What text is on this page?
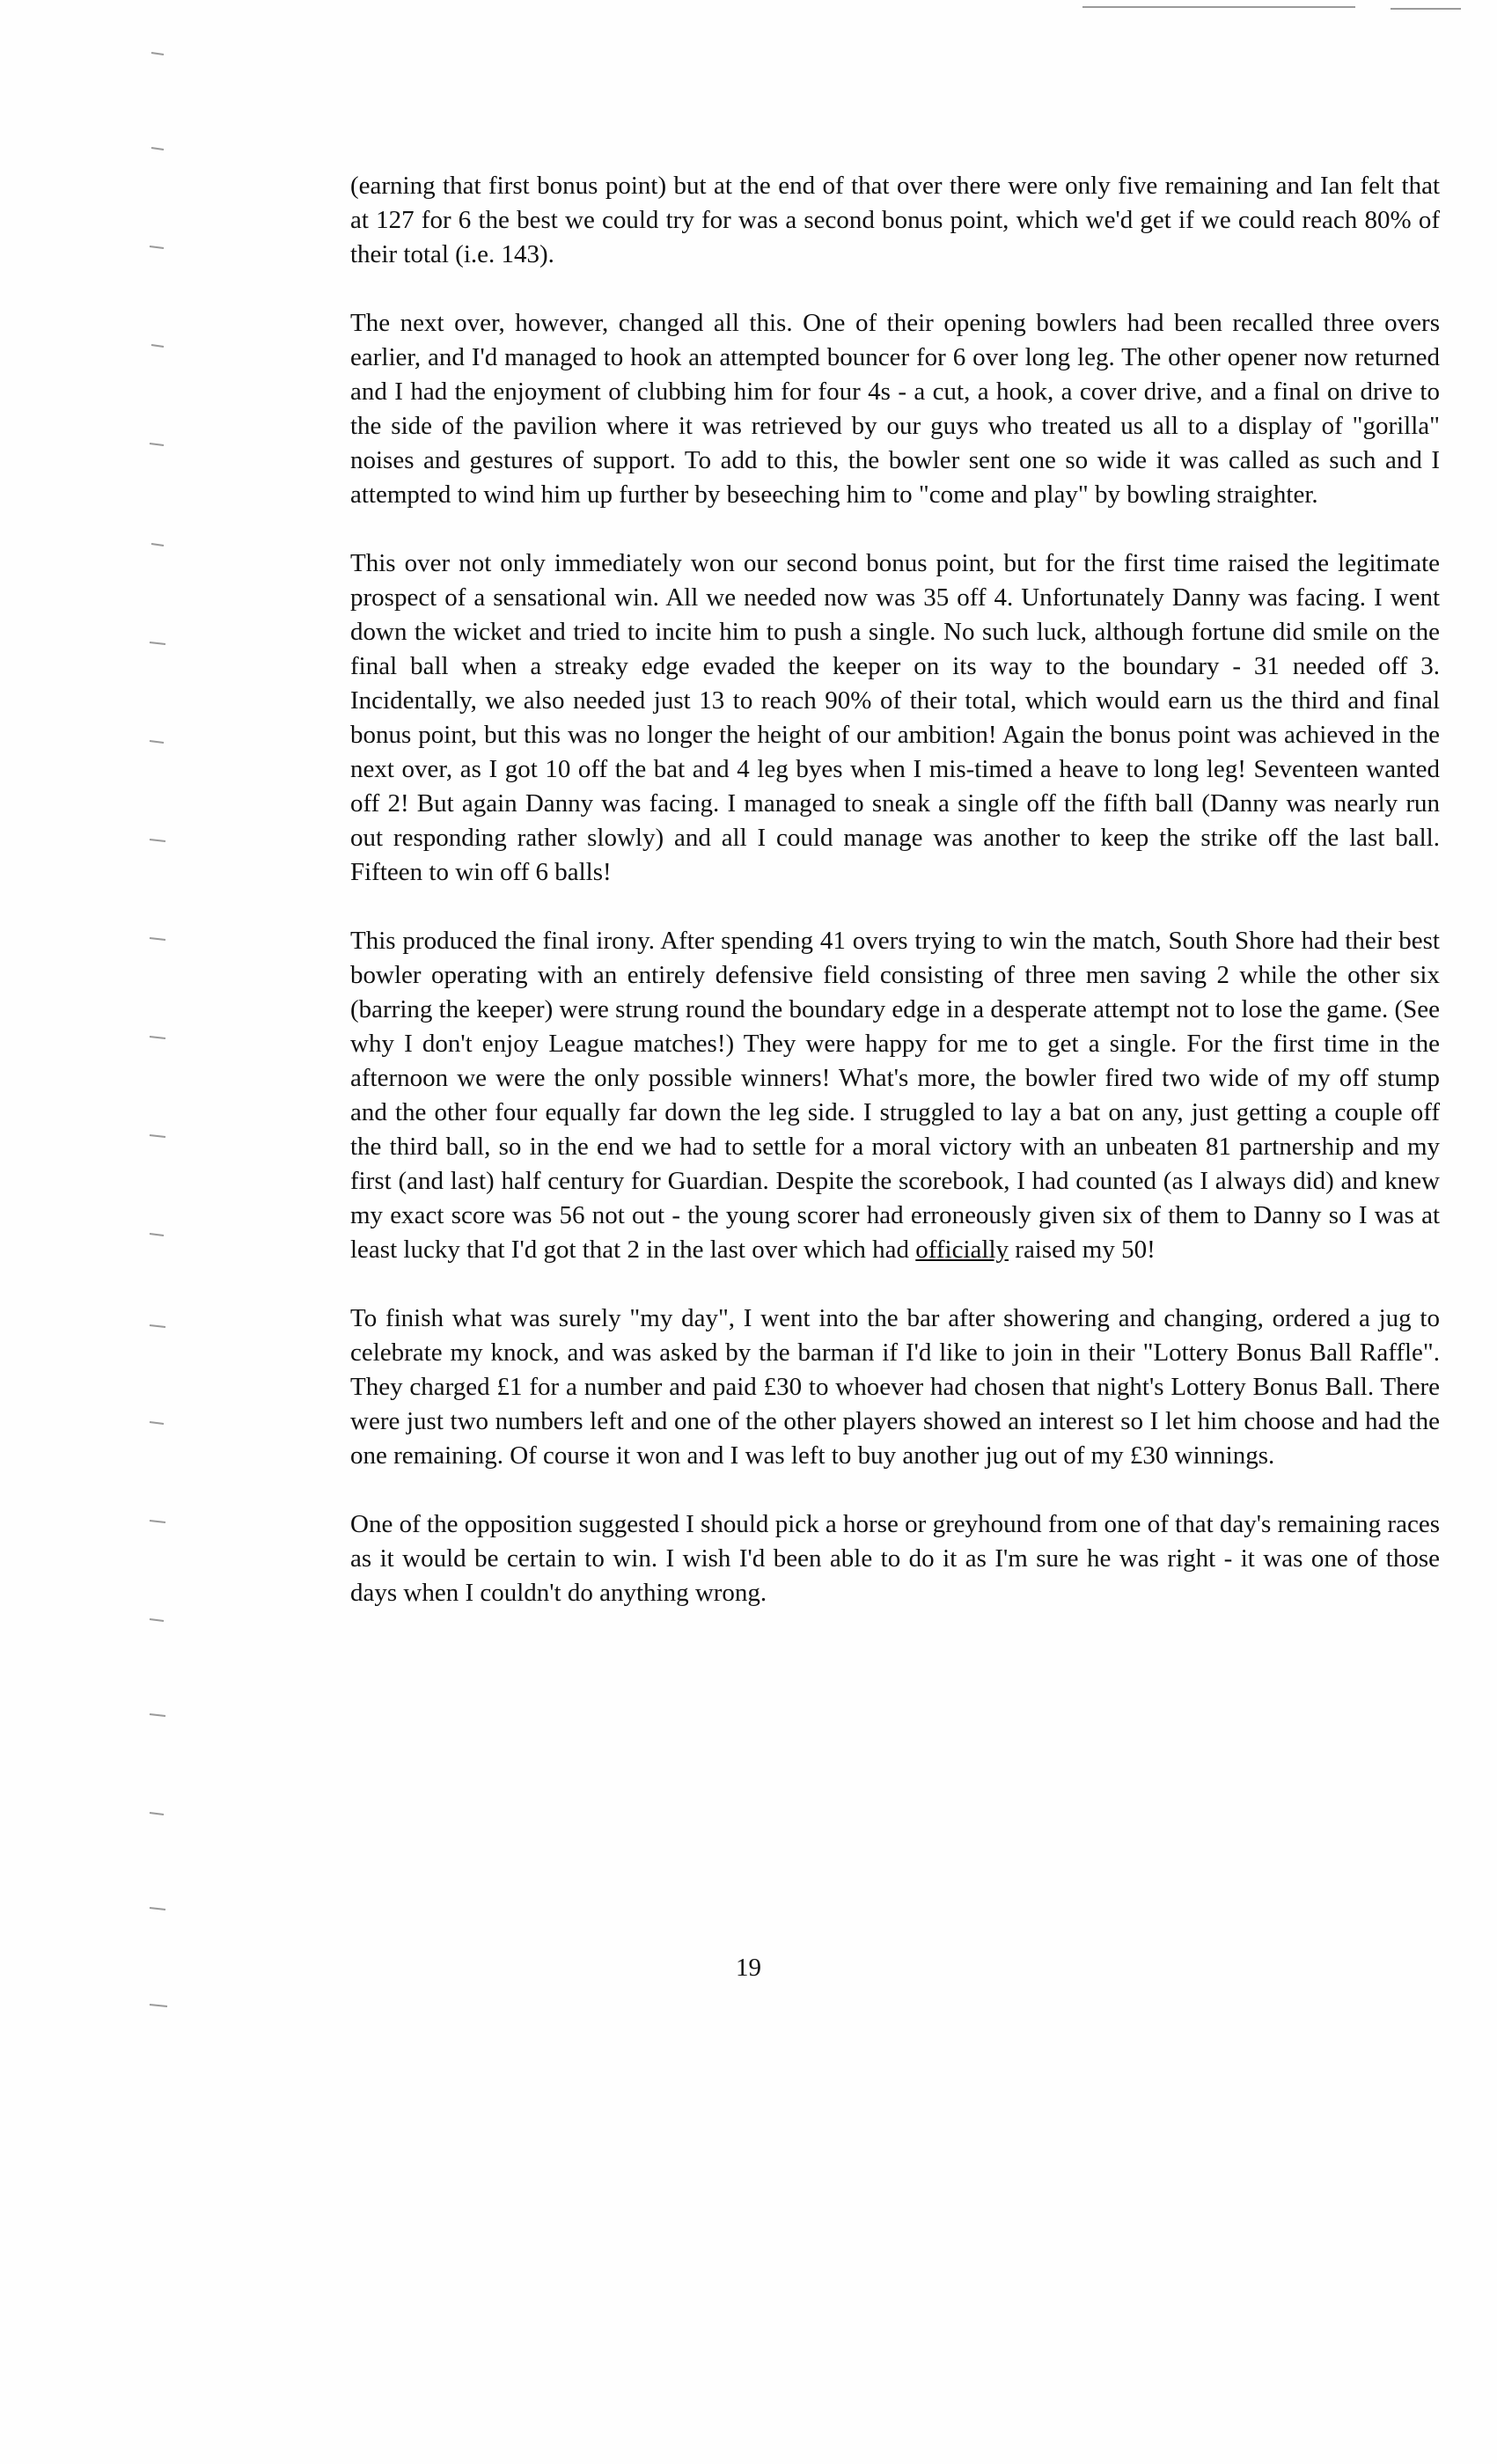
(earning that first bonus point) but at the end of that over there were only five remaining and Ian felt that at 127 for 6 the best we could try for was a second bonus point, which we'd get if we could reach 80% of their total (i.e. 143).

The next over, however, changed all this. One of their opening bowlers had been recalled three overs earlier, and I'd managed to hook an attempted bouncer for 6 over long leg. The other opener now returned and I had the enjoyment of clubbing him for four 4s - a cut, a hook, a cover drive, and a final on drive to the side of the pavilion where it was retrieved by our guys who treated us all to a display of "gorilla" noises and gestures of support. To add to this, the bowler sent one so wide it was called as such and I attempted to wind him up further by beseeching him to "come and play" by bowling straighter.

This over not only immediately won our second bonus point, but for the first time raised the legitimate prospect of a sensational win. All we needed now was 35 off 4. Unfortunately Danny was facing. I went down the wicket and tried to incite him to push a single. No such luck, although fortune did smile on the final ball when a streaky edge evaded the keeper on its way to the boundary - 31 needed off 3. Incidentally, we also needed just 13 to reach 90% of their total, which would earn us the third and final bonus point, but this was no longer the height of our ambition! Again the bonus point was achieved in the next over, as I got 10 off the bat and 4 leg byes when I mis-timed a heave to long leg! Seventeen wanted off 2! But again Danny was facing. I managed to sneak a single off the fifth ball (Danny was nearly run out responding rather slowly) and all I could manage was another to keep the strike off the last ball. Fifteen to win off 6 balls!

This produced the final irony. After spending 41 overs trying to win the match, South Shore had their best bowler operating with an entirely defensive field consisting of three men saving 2 while the other six (barring the keeper) were strung round the boundary edge in a desperate attempt not to lose the game. (See why I don't enjoy League matches!) They were happy for me to get a single. For the first time in the afternoon we were the only possible winners! What's more, the bowler fired two wide of my off stump and the other four equally far down the leg side. I struggled to lay a bat on any, just getting a couple off the third ball, so in the end we had to settle for a moral victory with an unbeaten 81 partnership and my first (and last) half century for Guardian. Despite the scorebook, I had counted (as I always did) and knew my exact score was 56 not out - the young scorer had erroneously given six of them to Danny so I was at least lucky that I'd got that 2 in the last over which had officially raised my 50!

To finish what was surely "my day", I went into the bar after showering and changing, ordered a jug to celebrate my knock, and was asked by the barman if I'd like to join in their "Lottery Bonus Ball Raffle". They charged £1 for a number and paid £30 to whoever had chosen that night's Lottery Bonus Ball. There were just two numbers left and one of the other players showed an interest so I let him choose and had the one remaining. Of course it won and I was left to buy another jug out of my £30 winnings.

One of the opposition suggested I should pick a horse or greyhound from one of that day's remaining races as it would be certain to win. I wish I'd been able to do it as I'm sure he was right - it was one of those days when I couldn't do anything wrong.

19
